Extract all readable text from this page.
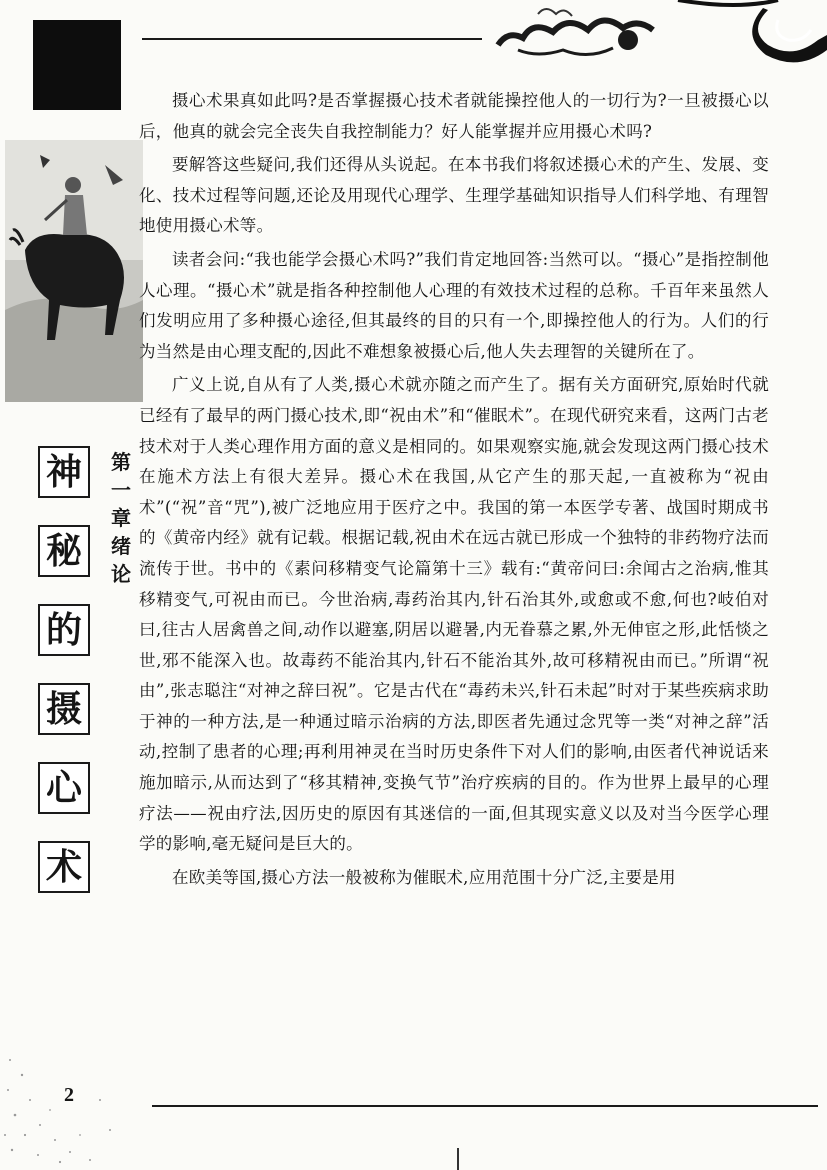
神
秘
的
摄
心
术
第
一
章
绪
论

摄心术果真如此吗?是否掌握摄心技术者就能操控他人的一切行为?一旦被摄心以后，他真的就会完全丧失自我控制能力？好人能掌握并应用摄心术吗?

要解答这些疑问,我们还得从头说起。在本书我们将叙述摄心术的产生、发展、变化、技术过程等问题,还论及用现代心理学、生理学基础知识指导人们科学地、有理智地使用摄心术等。

读者会问:“我也能学会摄心术吗?”我们肯定地回答:当然可以。“摄心”是指控制他人心理。“摄心术”就是指各种控制他人心理的有效技术过程的总称。千百年来虽然人们发明应用了多种摄心途径,但其最终的目的只有一个,即操控他人的行为。人们的行为当然是由心理支配的,因此不难想象被摄心后,他人失去理智的关键所在了。

广义上说,自从有了人类,摄心术就亦随之而产生了。据有关方面研究,原始时代就已经有了最早的两门摄心技术,即“祝由术”和“催眠术”。在现代研究来看，这两门古老技术对于人类心理作用方面的意义是相同的。如果观察实施,就会发现这两门摄心技术在施术方法上有很大差异。摄心术在我国,从它产生的那天起,一直被称为“祝由术”(“祝”音“咒”),被广泛地应用于医疗之中。我国的第一本医学专著、战国时期成书的《黄帝内经》就有记载。根据记载,祝由术在远古就已形成一个独特的非药物疗法而流传于世。书中的《素问移精变气论篇第十三》载有:“黄帝问曰:余闻古之治病,惟其移精变气,可祝由而已。今世治病,毒药治其内,针石治其外,或愈或不愈,何也?岐伯对曰,往古人居禽兽之间,动作以避塞,阴居以避暑,内无眷慕之累,外无伸宦之形,此恬惔之世,邪不能深入也。故毒药不能治其内,针石不能治其外,故可移精祝由而已。”所谓“祝由”,张志聪注“对神之辞曰祝”。它是古代在“毒药未兴,针石未起”时对于某些疾病求助于神的一种方法,是一种通过暗示治病的方法,即医者先通过念咒等一类“对神之辞”活动,控制了患者的心理;再利用神灵在当时历史条件下对人们的影响,由医者代神说话来施加暗示,从而达到了“移其精神,变换气节”治疗疾病的目的。作为世界上最早的心理疗法——祝由疗法,因历史的原因有其迷信的一面,但其现实意义以及对当今医学心理学的影响,毫无疑问是巨大的。

在欧美等国,摄心方法一般被称为催眠术,应用范围十分广泛,主要是用

2
